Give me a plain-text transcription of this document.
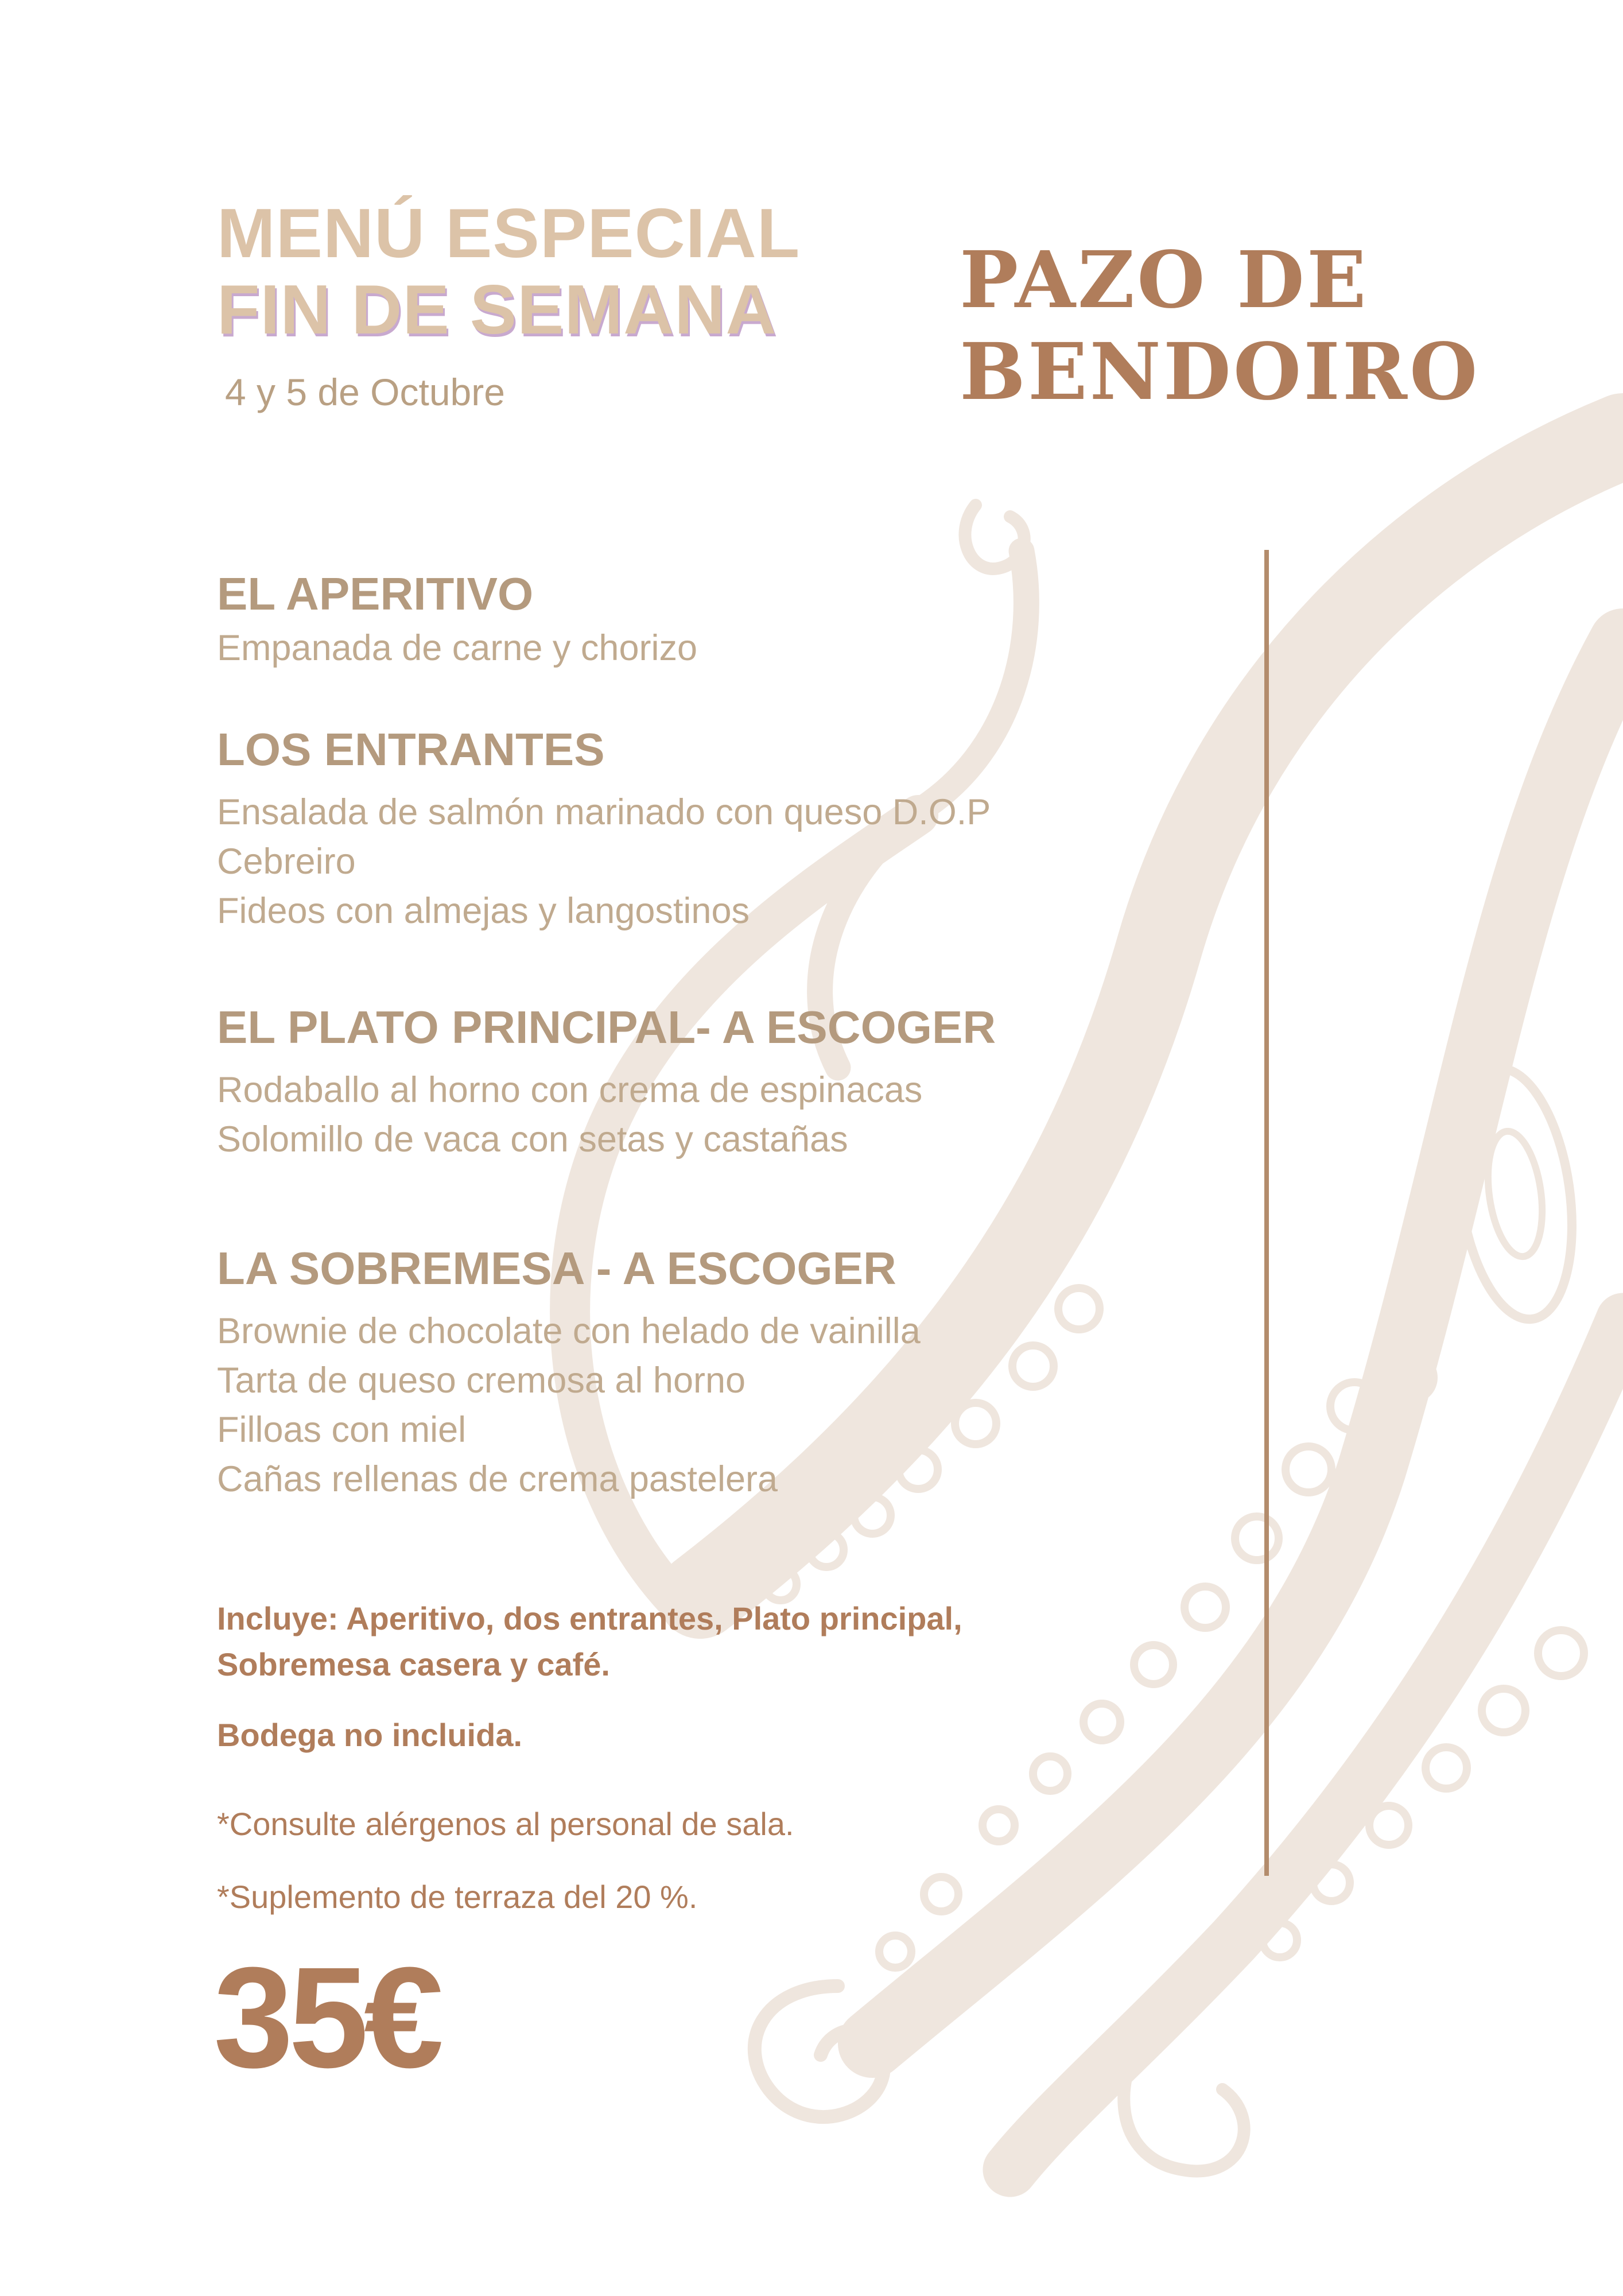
MENÚ ESPECIAL
FIN DE SEMANA
4 y 5 de Octubre
PAZO DE
BENDOIRO
EL APERITIVO
Empanada de carne y chorizo
LOS ENTRANTES
Ensalada de salmón marinado con queso D.O.P
Cebreiro
Fideos con almejas y langostinos
EL PLATO PRINCIPAL- A ESCOGER
Rodaballo al horno con crema de espinacas
Solomillo de vaca con setas y castañas
LA SOBREMESA - A ESCOGER
Brownie de chocolate con helado de vainilla
Tarta de queso cremosa al horno
Filloas con miel
Cañas rellenas de crema pastelera
Incluye: Aperitivo, dos entrantes, Plato principal,
Sobremesa casera y café.
Bodega no incluida.
*Consulte alérgenos al personal de sala.
*Suplemento de terraza del 20 %.
35€
